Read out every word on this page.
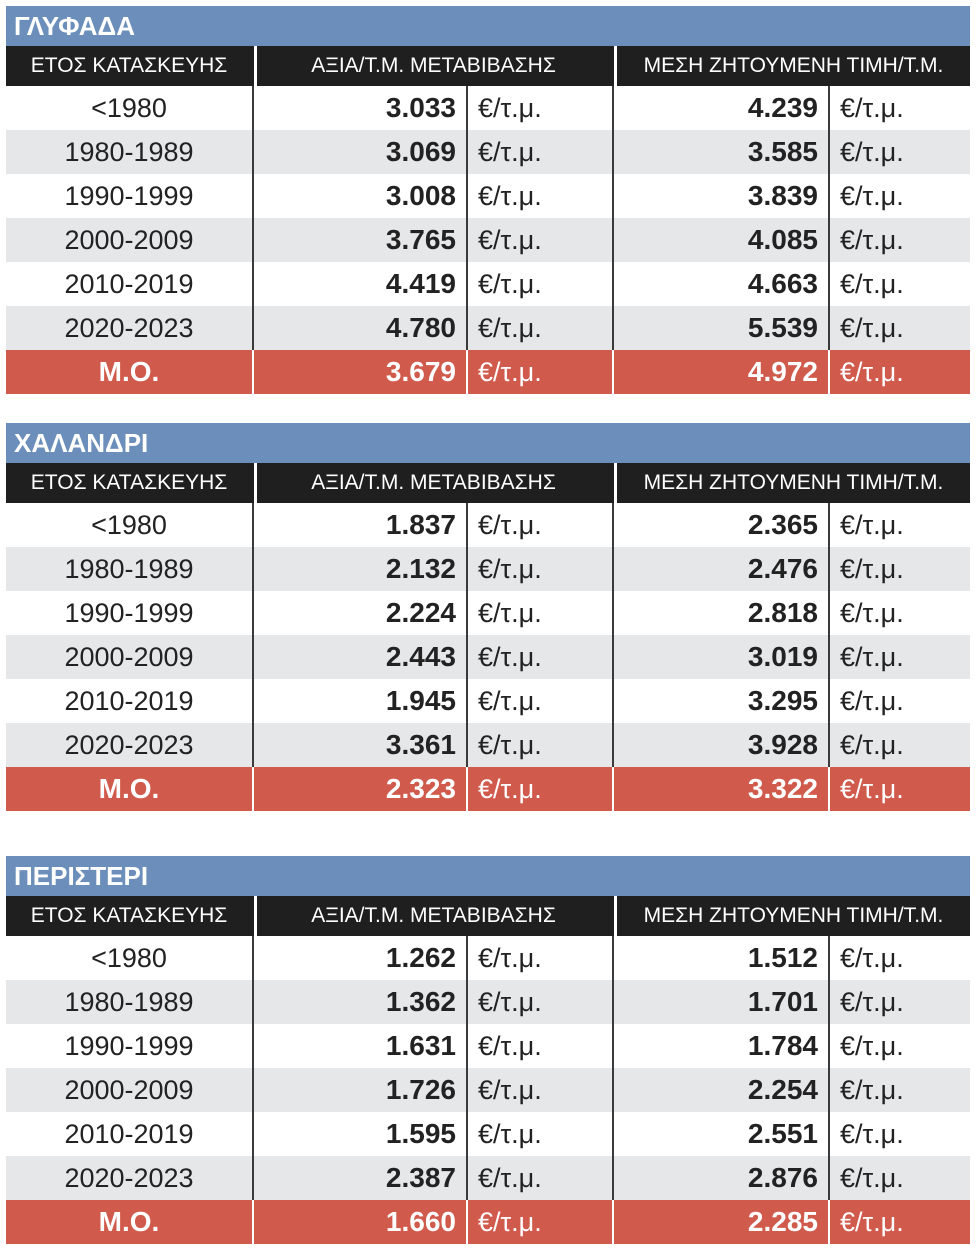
ΓΛΥΦΑΔΑ
ΕΤΟΣ ΚΑΤΑΣΚΕΥΗΣ	ΑΞΙΑ/Τ.Μ. ΜΕΤΑΒΙΒΑΣΗΣ	ΜΕΣΗ ΖΗΤΟΥΜΕΝΗ ΤΙΜΗ/Τ.Μ.
<1980	3.033 €/τ.μ.	4.239 €/τ.μ.
1980-1989	3.069 €/τ.μ.	3.585 €/τ.μ.
1990-1999	3.008 €/τ.μ.	3.839 €/τ.μ.
2000-2009	3.765 €/τ.μ.	4.085 €/τ.μ.
2010-2019	4.419 €/τ.μ.	4.663 €/τ.μ.
2020-2023	4.780 €/τ.μ.	5.539 €/τ.μ.
Μ.Ο.	3.679 €/τ.μ.	4.972 €/τ.μ.
ΧΑΛΑΝΔΡΙ
ΕΤΟΣ ΚΑΤΑΣΚΕΥΗΣ	ΑΞΙΑ/Τ.Μ. ΜΕΤΑΒΙΒΑΣΗΣ	ΜΕΣΗ ΖΗΤΟΥΜΕΝΗ ΤΙΜΗ/Τ.Μ.
<1980	1.837 €/τ.μ.	2.365 €/τ.μ.
1980-1989	2.132 €/τ.μ.	2.476 €/τ.μ.
1990-1999	2.224 €/τ.μ.	2.818 €/τ.μ.
2000-2009	2.443 €/τ.μ.	3.019 €/τ.μ.
2010-2019	1.945 €/τ.μ.	3.295 €/τ.μ.
2020-2023	3.361 €/τ.μ.	3.928 €/τ.μ.
Μ.Ο.	2.323 €/τ.μ.	3.322 €/τ.μ.
ΠΕΡΙΣΤΕΡΙ
ΕΤΟΣ ΚΑΤΑΣΚΕΥΗΣ	ΑΞΙΑ/Τ.Μ. ΜΕΤΑΒΙΒΑΣΗΣ	ΜΕΣΗ ΖΗΤΟΥΜΕΝΗ ΤΙΜΗ/Τ.Μ.
<1980	1.262 €/τ.μ.	1.512 €/τ.μ.
1980-1989	1.362 €/τ.μ.	1.701 €/τ.μ.
1990-1999	1.631 €/τ.μ.	1.784 €/τ.μ.
2000-2009	1.726 €/τ.μ.	2.254 €/τ.μ.
2010-2019	1.595 €/τ.μ.	2.551 €/τ.μ.
2020-2023	2.387 €/τ.μ.	2.876 €/τ.μ.
Μ.Ο.	1.660 €/τ.μ.	2.285 €/τ.μ.
